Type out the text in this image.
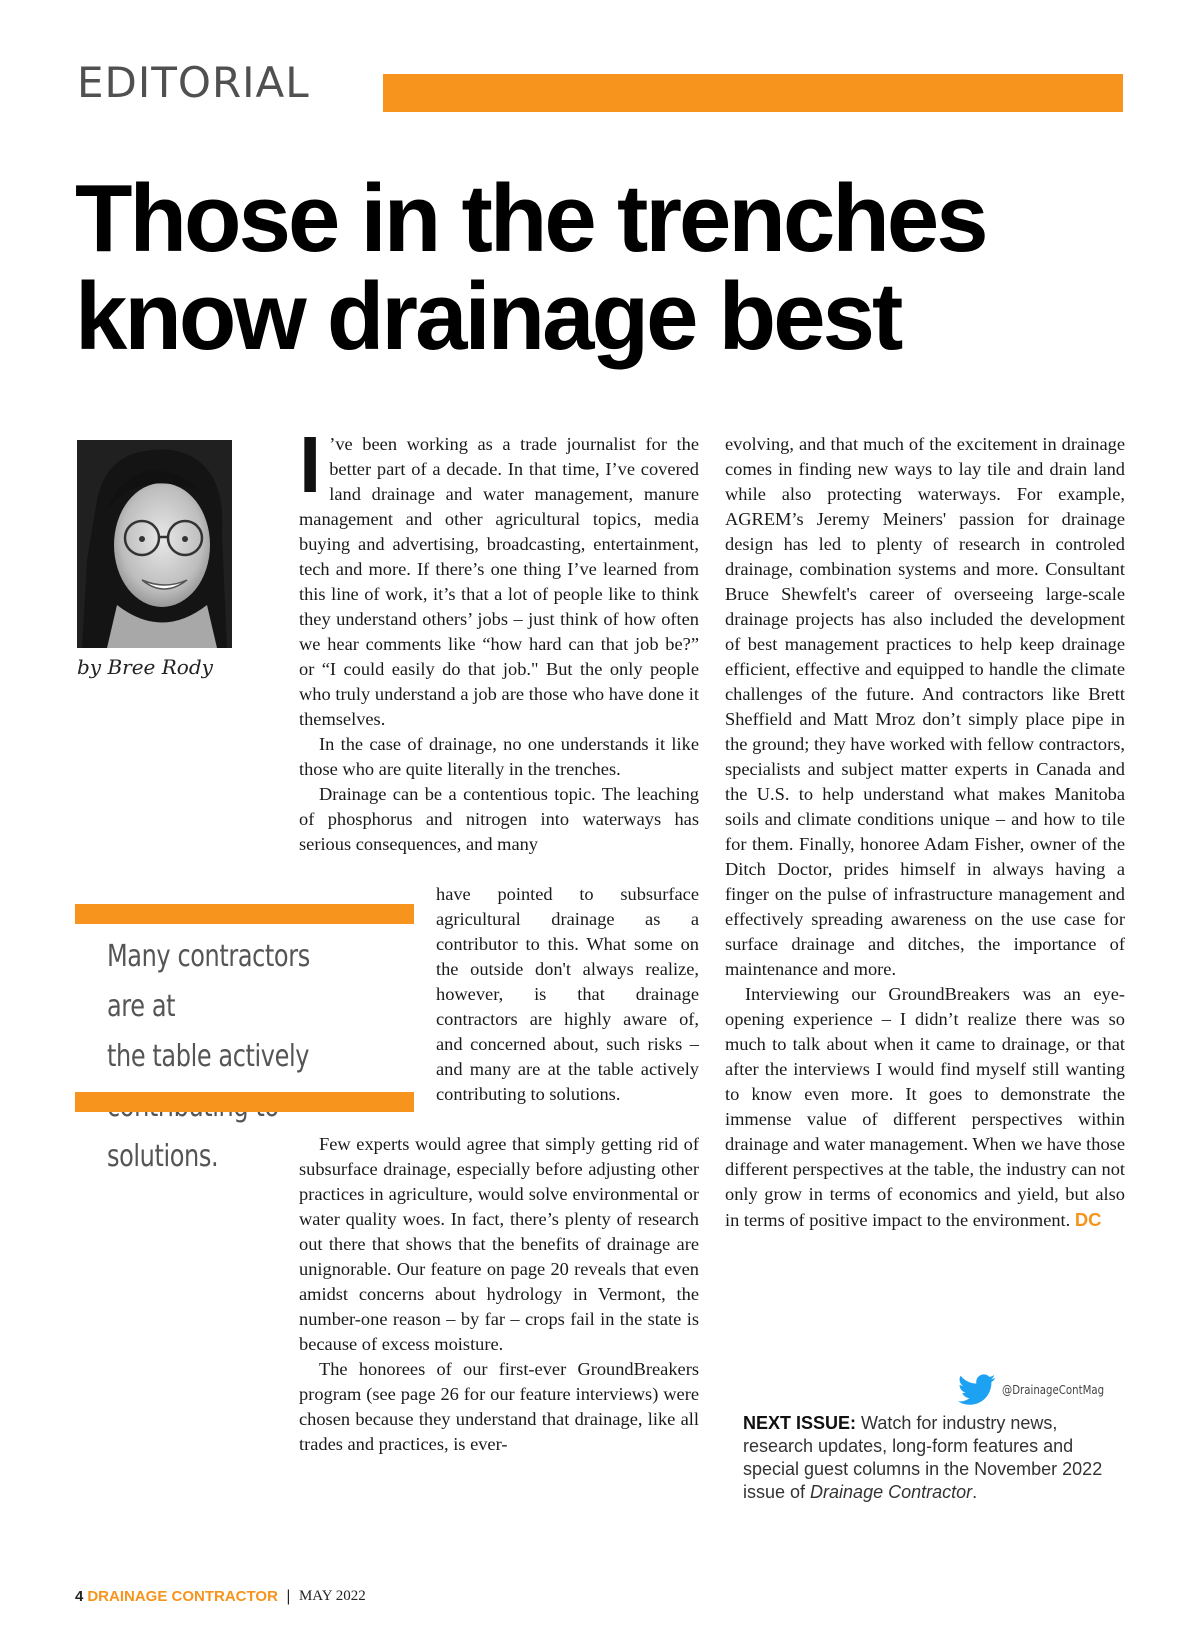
EDITORIAL
Those in the trenches
know drainage best
by Bree Rody

I ’ve been working as a trade journalist for the better part of a decade. In that time, I’ve covered land drainage and water management, manure management and other agricultural topics, media buying and advertising, broadcasting, entertainment, tech and more. If there’s one thing I’ve learned from this line of work, it’s that a lot of people like to think they understand others’ jobs – just think of how often we hear comments like “how hard can that job be?” or “I could easily do that job." But the only people who truly understand a job are those who have done it themselves.

In the case of drainage, no one understands it like those who are quite literally in the trenches.

Drainage can be a contentious topic. The leaching of phosphorus and nitrogen into waterways has serious consequences, and many

have pointed to subsurface agricultural drainage as a contributor to this. What some on the outside don't always realize, however, is that drainage contractors are highly aware of, and concerned about, such risks – and many are at the table actively contributing to solutions.

Many contractors are at
the table actively
solutions.	Few experts would agree that simply getting rid of subsurface drainage, especially before adjusting other practices in agriculture, would solve environmental or water quality woes. In fact, there’s plenty of research out there that shows that the benefits of drainage are unignorable. Our feature on page 20 reveals that even amidst concerns about hydrology in Vermont, the number-one reason – by far – crops fail in the state is because of excess moisture.

The honorees of our first-ever GroundBreakers program (see page 26 for our feature interviews) were chosen because they understand that drainage, like all trades and practices, is ever-

evolving, and that much of the excitement in drainage comes in finding new ways to lay tile and drain land while also protecting waterways. For example, AGREM’s Jeremy Meiners' passion for drainage design has led to plenty of research in controled drainage, combination systems and more. Consultant Bruce Shewfelt's career of overseeing large-scale drainage projects has also included the development of best management practices to help keep drainage efficient, effective and equipped to handle the climate challenges of the future. And contractors like Brett Sheffield and Matt Mroz don’t simply place pipe in the ground; they have worked with fellow contractors, specialists and subject matter experts in Canada and the U.S. to help understand what makes Manitoba soils and climate conditions unique – and how to tile for them. Finally, honoree Adam Fisher, owner of the Ditch Doctor, prides himself in always having a finger on the pulse of infrastructure management and effectively spreading awareness on the use case for surface drainage and ditches, the importance of maintenance and more.

Interviewing our GroundBreakers was an eye-opening experience – I didn’t realize there was so much to talk about when it came to drainage, or that after the interviews I would find myself still wanting to know even more. It goes to demonstrate the immense value of different perspectives within drainage and water management. When we have those different perspectives at the table, the industry can not only grow in terms of economics and yield, but also in terms of positive impact to the environment. DC

@DrainageContMag
NEXT ISSUE: Watch for industry news, research updates, long-form features and special guest columns in the November 2022 issue of Drainage Contractor.
4 DRAINAGE CONTRACTOR | MAY 2022
